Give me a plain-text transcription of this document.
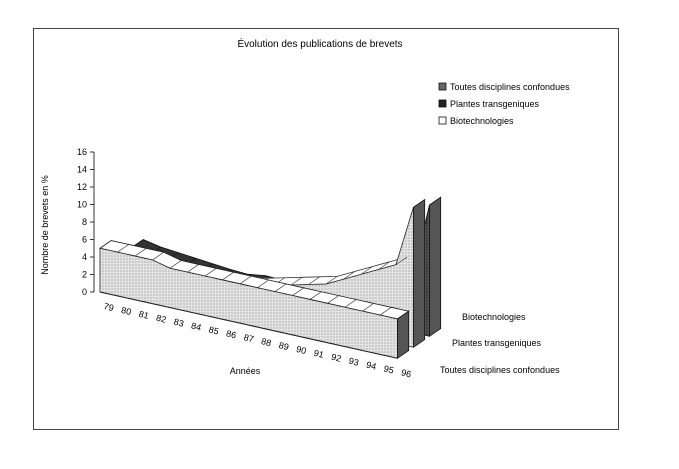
Évolution des publications de brevets
Toutes disciplines confondues
Plantes transgeniques
Biotechnologies
0
2
4
6
8
10
12
14
16
Nombre de brevets en %
79 80 81 82 83 84 85 86 87 88 89 90 91 92 93 94 95 96
Biotechnologies
Plantes transgeniques
Toutes disciplines confondues
Années
